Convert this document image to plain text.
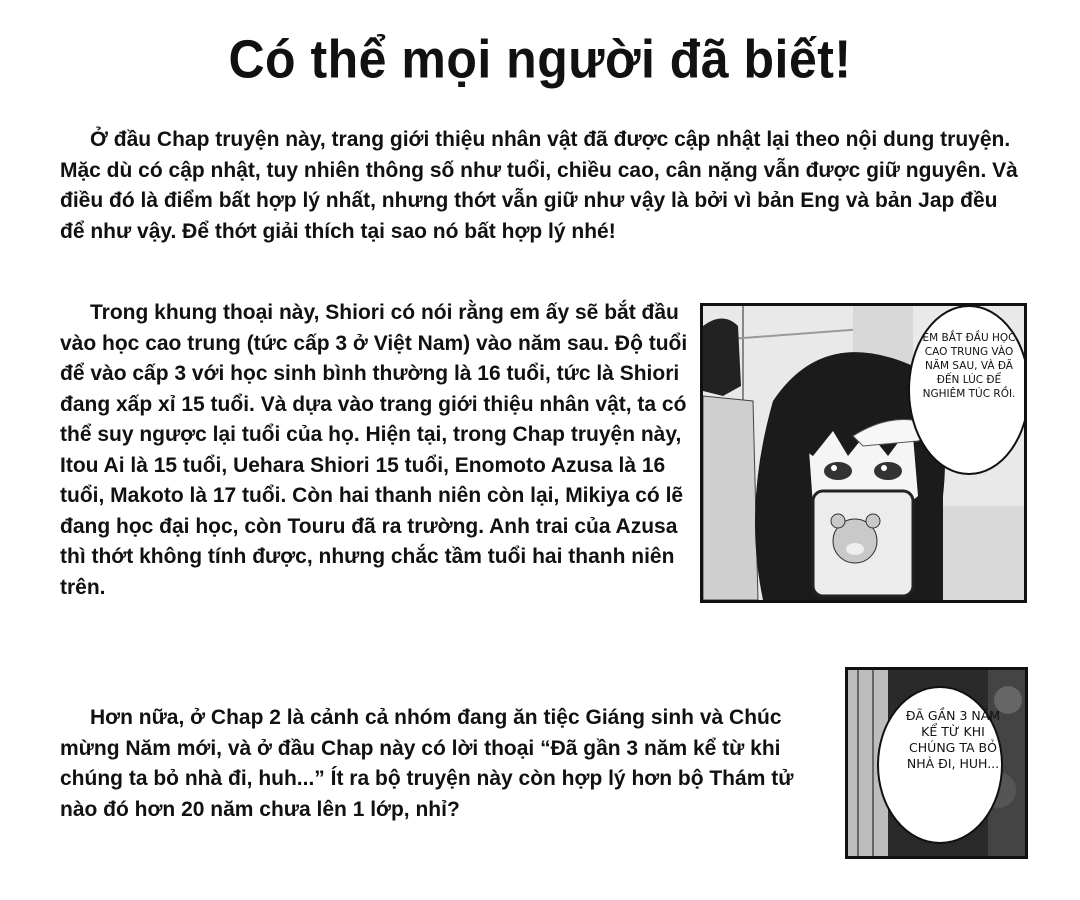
Có thể mọi người đã biết!

Ở đầu Chap truyện này, trang giới thiệu nhân vật đã được cập nhật lại theo nội dung truyện. Mặc dù có cập nhật, tuy nhiên thông số như tuổi, chiều cao, cân nặng vẫn được giữ nguyên. Và điều đó là điểm bất hợp lý nhất, nhưng thớt vẫn giữ như vậy là bởi vì bản Eng và bản Jap đều để như vậy. Để thớt giải thích tại sao nó bất hợp lý nhé!

Trong khung thoại này, Shiori có nói rằng em ấy sẽ bắt đầu vào học cao trung (tức cấp 3 ở Việt Nam) vào năm sau. Độ tuổi để vào cấp 3 với học sinh bình thường là 16 tuổi, tức là Shiori đang xấp xỉ 15 tuổi. Và dựa vào trang giới thiệu nhân vật, ta có thể suy ngược lại tuổi của họ. Hiện tại, trong Chap truyện này, Itou Ai là 15 tuổi, Uehara Shiori 15 tuổi, Enomoto Azusa là 16 tuổi, Makoto là 17 tuổi. Còn hai thanh niên còn lại, Mikiya có lẽ đang học đại học, còn Touru đã ra trường. Anh trai của Azusa thì thớt không tính được, nhưng chắc tầm tuổi hai thanh niên trên.

Hơn nữa, ở Chap 2 là cảnh cả nhóm đang ăn tiệc Giáng sinh và Chúc mừng Năm mới, và ở đầu Chap này có lời thoại “Đã gần 3 năm kể từ khi chúng ta bỏ nhà đi, huh...” Ít ra bộ truyện này còn hợp lý hơn bộ Thám tử nào đó hơn 20 năm chưa lên 1 lớp, nhỉ?

EM BẮT ĐẦU HỌC CAO TRUNG VÀO NĂM SAU, VÀ ĐÃ ĐẾN LÚC ĐỂ NGHIÊM TÚC RỒI.
ĐÃ GẦN 3 NĂM KỂ TỪ KHI CHÚNG TA BỎ NHÀ ĐI, HUH...
